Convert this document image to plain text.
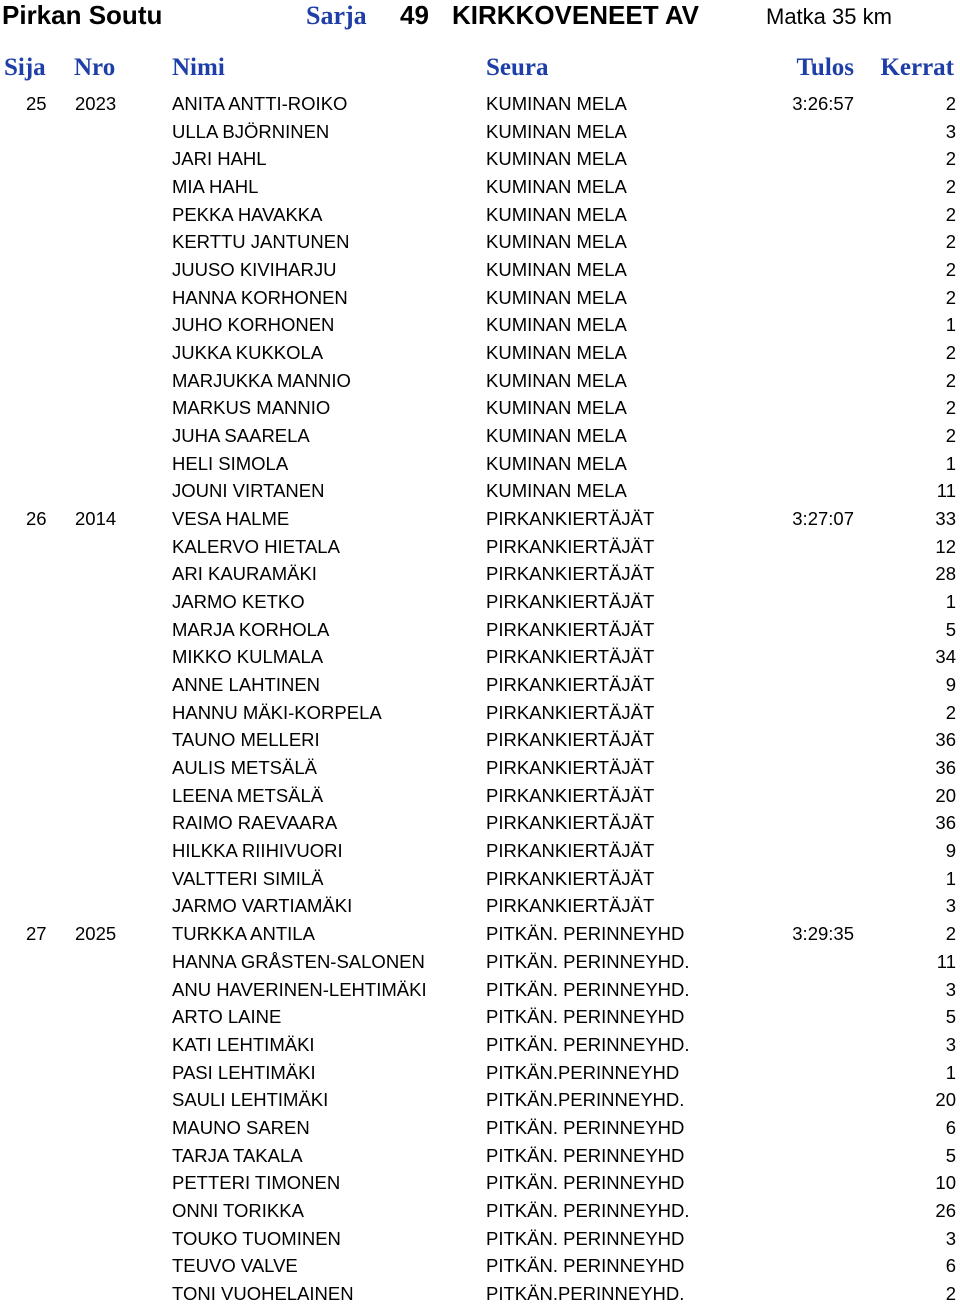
Pirkan Soutu	Sarja 49 KIRKKOVENEET AV	Matka 35 km
Sija Nro Nimi	Seura	Tulos Kerrat
25 2023	ANITA ANTTI-ROIKO	KUMINAN MELA	3:26:57	2
ULLA BJÖRNINEN	KUMINAN MELA	3
JARI HAHL	KUMINAN MELA	2
MIA HAHL	KUMINAN MELA	2
PEKKA HAVAKKA	KUMINAN MELA	2
KERTTU JANTUNEN	KUMINAN MELA	2
JUUSO KIVIHARJU	KUMINAN MELA	2
HANNA KORHONEN	KUMINAN MELA	2
JUHO KORHONEN	KUMINAN MELA	1
JUKKA KUKKOLA	KUMINAN MELA	2
MARJUKKA MANNIO	KUMINAN MELA	2
MARKUS MANNIO	KUMINAN MELA	2
JUHA SAARELA	KUMINAN MELA	2
HELI SIMOLA	KUMINAN MELA	1
JOUNI VIRTANEN	KUMINAN MELA	11
26 2014	VESA HALME	PIRKANKIERTÄJÄT	3:27:07	33
KALERVO HIETALA	PIRKANKIERTÄJÄT	12
ARI KAURAMÄKI	PIRKANKIERTÄJÄT	28
JARMO KETKO	PIRKANKIERTÄJÄT	1
MARJA KORHOLA	PIRKANKIERTÄJÄT	5
MIKKO KULMALA	PIRKANKIERTÄJÄT	34
ANNE LAHTINEN	PIRKANKIERTÄJÄT	9
HANNU MÄKI-KORPELA	PIRKANKIERTÄJÄT	2
TAUNO MELLERI	PIRKANKIERTÄJÄT	36
AULIS METSÄLÄ	PIRKANKIERTÄJÄT	36
LEENA METSÄLÄ	PIRKANKIERTÄJÄT	20
RAIMO RAEVAARA	PIRKANKIERTÄJÄT	36
HILKKA RIIHIVUORI	PIRKANKIERTÄJÄT	9
VALTTERI SIMILÄ	PIRKANKIERTÄJÄT	1
JARMO VARTIAMÄKI	PIRKANKIERTÄJÄT	3
27 2025	TURKKA ANTILA	PITKÄN. PERINNEYHD	3:29:35	2
HANNA GRÅSTEN-SALONEN	PITKÄN. PERINNEYHD.	11
ANU HAVERINEN-LEHTIMÄKI	PITKÄN. PERINNEYHD.	3
ARTO LAINE	PITKÄN. PERINNEYHD	5
KATI LEHTIMÄKI	PITKÄN. PERINNEYHD.	3
PASI LEHTIMÄKI	PITKÄN.PERINNEYHD	1
SAULI LEHTIMÄKI	PITKÄN.PERINNEYHD.	20
MAUNO SAREN	PITKÄN. PERINNEYHD	6
TARJA TAKALA	PITKÄN. PERINNEYHD	5
PETTERI TIMONEN	PITKÄN. PERINNEYHD	10
ONNI TORIKKA	PITKÄN. PERINNEYHD.	26
TOUKO TUOMINEN	PITKÄN. PERINNEYHD	3
TEUVO VALVE	PITKÄN. PERINNEYHD	6
TONI VUOHELAINEN	PITKÄN.PERINNEYHD.	2
